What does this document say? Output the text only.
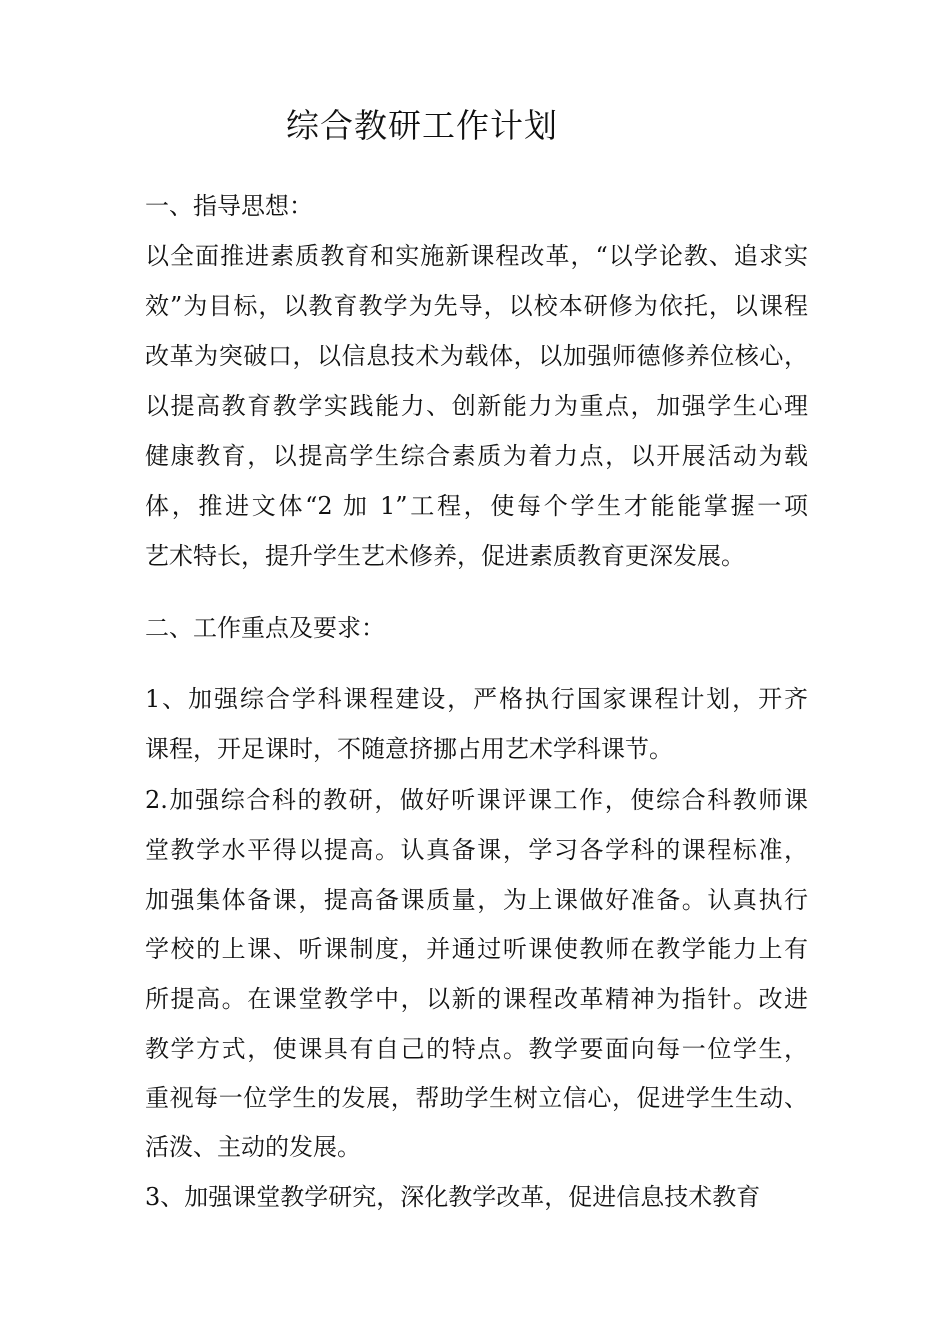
综合教研工作计划
一、指导思想：
以全面推进素质教育和实施新课程改革，“以学论教、追求实
效”为目标，以教育教学为先导，以校本研修为依托，以课程
改革为突破口，以信息技术为载体，以加强师德修养位核心，
以提高教育教学实践能力、创新能力为重点，加强学生心理
健康教育，以提高学生综合素质为着力点，以开展活动为载
体，推进文体“2 加 1”工程，使每个学生才能能掌握一项
艺术特长，提升学生艺术修养，促进素质教育更深发展。
二、工作重点及要求：
1、加强综合学科课程建设，严格执行国家课程计划，开齐
课程，开足课时，不随意挤挪占用艺术学科课节。
2.加强综合科的教研，做好听课评课工作，使综合科教师课
堂教学水平得以提高。认真备课，学习各学科的课程标准，
加强集体备课，提高备课质量，为上课做好准备。认真执行
学校的上课、听课制度，并通过听课使教师在教学能力上有
所提高。在课堂教学中，以新的课程改革精神为指针。改进
教学方式，使课具有自己的特点。教学要面向每一位学生，
重视每一位学生的发展，帮助学生树立信心，促进学生生动、
活泼、主动的发展。
3、加强课堂教学研究，深化教学改革，促进信息技术教育
